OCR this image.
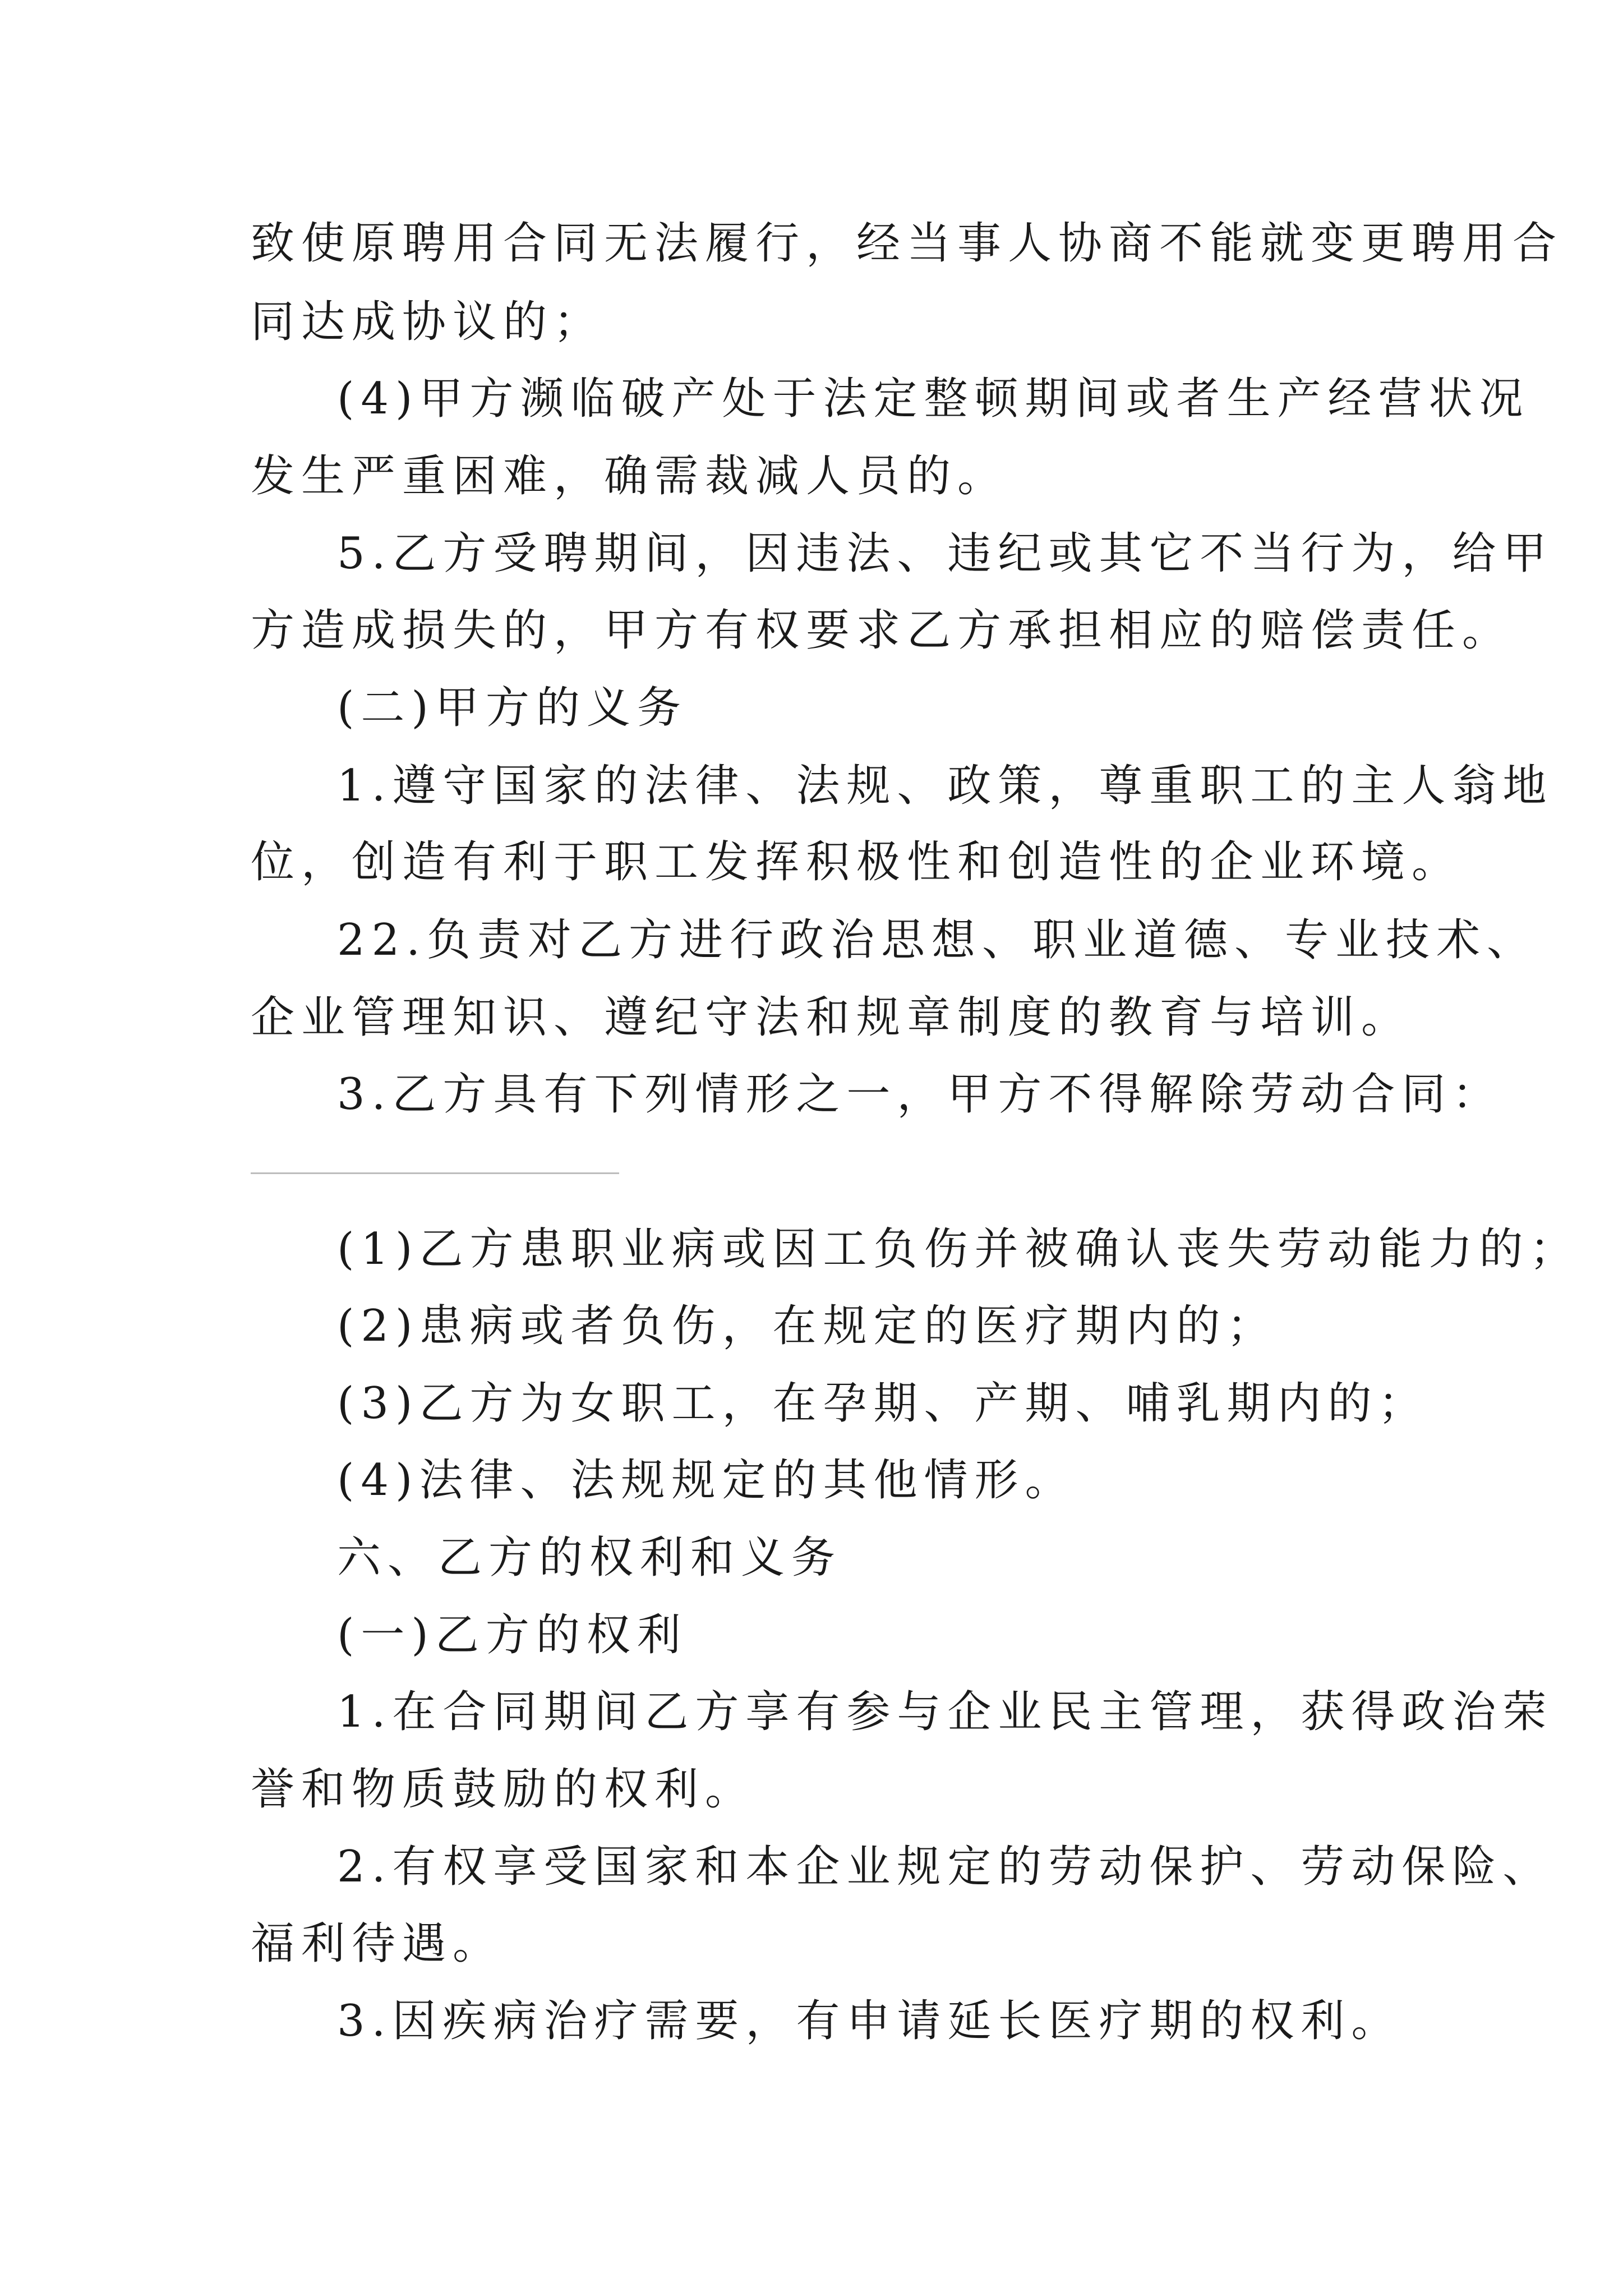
致使原聘用合同无法履行，经当事人协商不能就变更聘用合
同达成协议的；
(4)甲方濒临破产处于法定整顿期间或者生产经营状况
发生严重困难，确需裁减人员的。
5.乙方受聘期间，因违法、违纪或其它不当行为，给甲
方造成损失的，甲方有权要求乙方承担相应的赔偿责任。
(二)甲方的义务
1.遵守国家的法律、法规、政策，尊重职工的主人翁地
位，创造有利于职工发挥积极性和创造性的企业环境。
22.负责对乙方进行政治思想、职业道德、专业技术、
企业管理知识、遵纪守法和规章制度的教育与培训。
3.乙方具有下列情形之一，甲方不得解除劳动合同：
(1)乙方患职业病或因工负伤并被确认丧失劳动能力的；
(2)患病或者负伤，在规定的医疗期内的；
(3)乙方为女职工，在孕期、产期、哺乳期内的；
(4)法律、法规规定的其他情形。
六、乙方的权利和义务
(一)乙方的权利
1.在合同期间乙方享有参与企业民主管理，获得政治荣
誉和物质鼓励的权利。
2.有权享受国家和本企业规定的劳动保护、劳动保险、
福利待遇。
3.因疾病治疗需要，有申请延长医疗期的权利。
